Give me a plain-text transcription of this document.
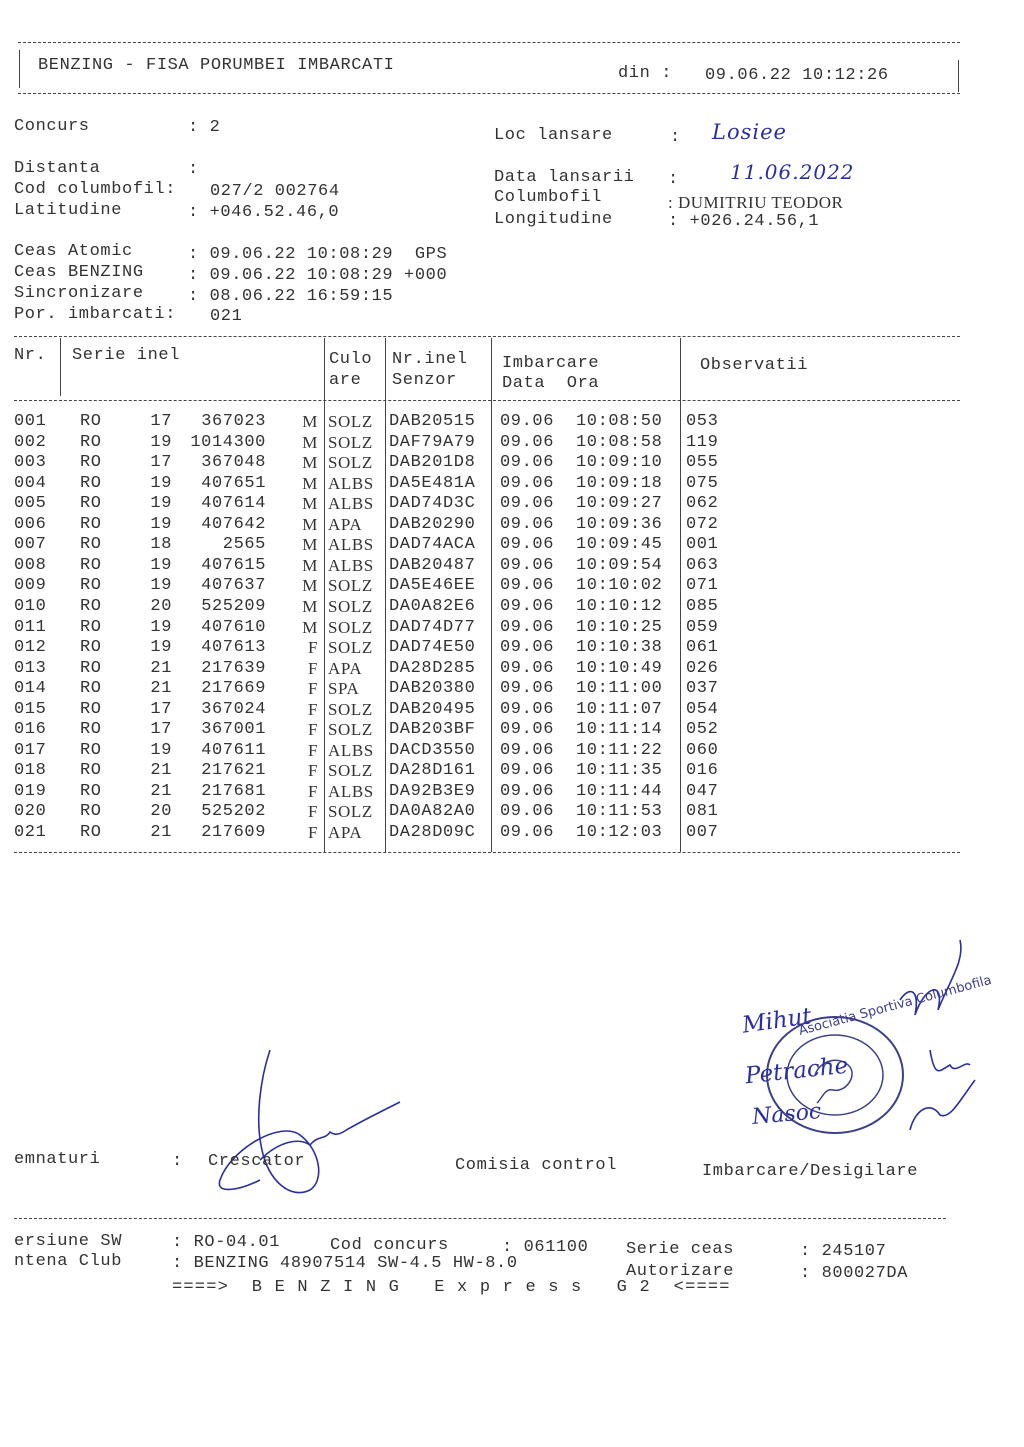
BENZING - FISA PORUMBEI IMBARCATI	din : 09.06.22 10:12:26
Concurs	: 2	Loc lansare	: Losiee
Distanta	:
Cod columbofil: 027/2 002764
Latitudine	: +046.52.46,0
Data lansarii :	11.06.2022
Columbofil	: DUMITRIU TEODOR
Longitudine	: +026.24.56,1
Ceas Atomic	: 09.06.22 10:08:29  GPS
Ceas BENZING	: 09.06.22 10:08:29 +000
Sincronizare	: 08.06.22 16:59:15
Por. imbarcati: 021
Nr. Serie inel	Culo
are
Nr.inel
Senzor
Imbarcare
Data  Ora
Observatii
001	RO	17	367023 M SOLZ DAB20515	09.06	10:08:50	053
002	RO	19	1014300 M SOLZ DAF79A79	09.06	10:08:58	119
003	RO	17	367048 M SOLZ DAB201D8	09.06	10:09:10	055
004	RO	19	407651 M ALBS DA5E481A	09.06	10:09:18	075
005	RO	19	407614 M ALBS DAD74D3C	09.06	10:09:27	062
006	RO	19	407642 M APA	DAB20290	09.06	10:09:36	072
007	RO	18	2565 M ALBS DAD74ACA	09.06	10:09:45	001
008	RO	19	407615 M ALBS DAB20487	09.06	10:09:54	063
009	RO	19	407637 M SOLZ DA5E46EE	09.06	10:10:02	071
010	RO	20	525209 M SOLZ DA0A82E6	09.06	10:10:12	085
011	RO	19	407610 M SOLZ DAD74D77	09.06	10:10:25	059
012	RO	19	407613	F SOLZ DAD74E50	09.06	10:10:38	061
013	RO	21	217639	F APA	DA28D285	09.06	10:10:49	026
014	RO	21	217669	F SPA	DAB20380	09.06	10:11:00	037
015	RO	17	367024	F SOLZ DAB20495	09.06	10:11:07	054
016	RO	17	367001	F SOLZ DAB203BF	09.06	10:11:14	052
017	RO	19	407611	F ALBS DACD3550	09.06	10:11:22	060
018	RO	21	217621	F SOLZ DA28D161	09.06	10:11:35	016
019	RO	21	217681	F ALBS DA92B3E9	09.06	10:11:44	047
020	RO	20	525202	F SOLZ DA0A82A0	09.06	10:11:53	081
021	RO	21	217609	F APA	DA28D09C	09.06	10:12:03	007
Asociatia Sportiva Columbofila
Mihut
Petrache
Nasoc
emnaturi	: Crescator	Comisia control	Imbarcare/Desigilare
ersiune SW	: RO-04.01	Cod concurs	: 061100 Serie ceas	: 245107
ntena Club	: BENZING 48907514 SW-4.5 HW-8.0	Autorizare	: 800027DA
====>  B E N Z I N G   E x p r e s s   G 2  <====
